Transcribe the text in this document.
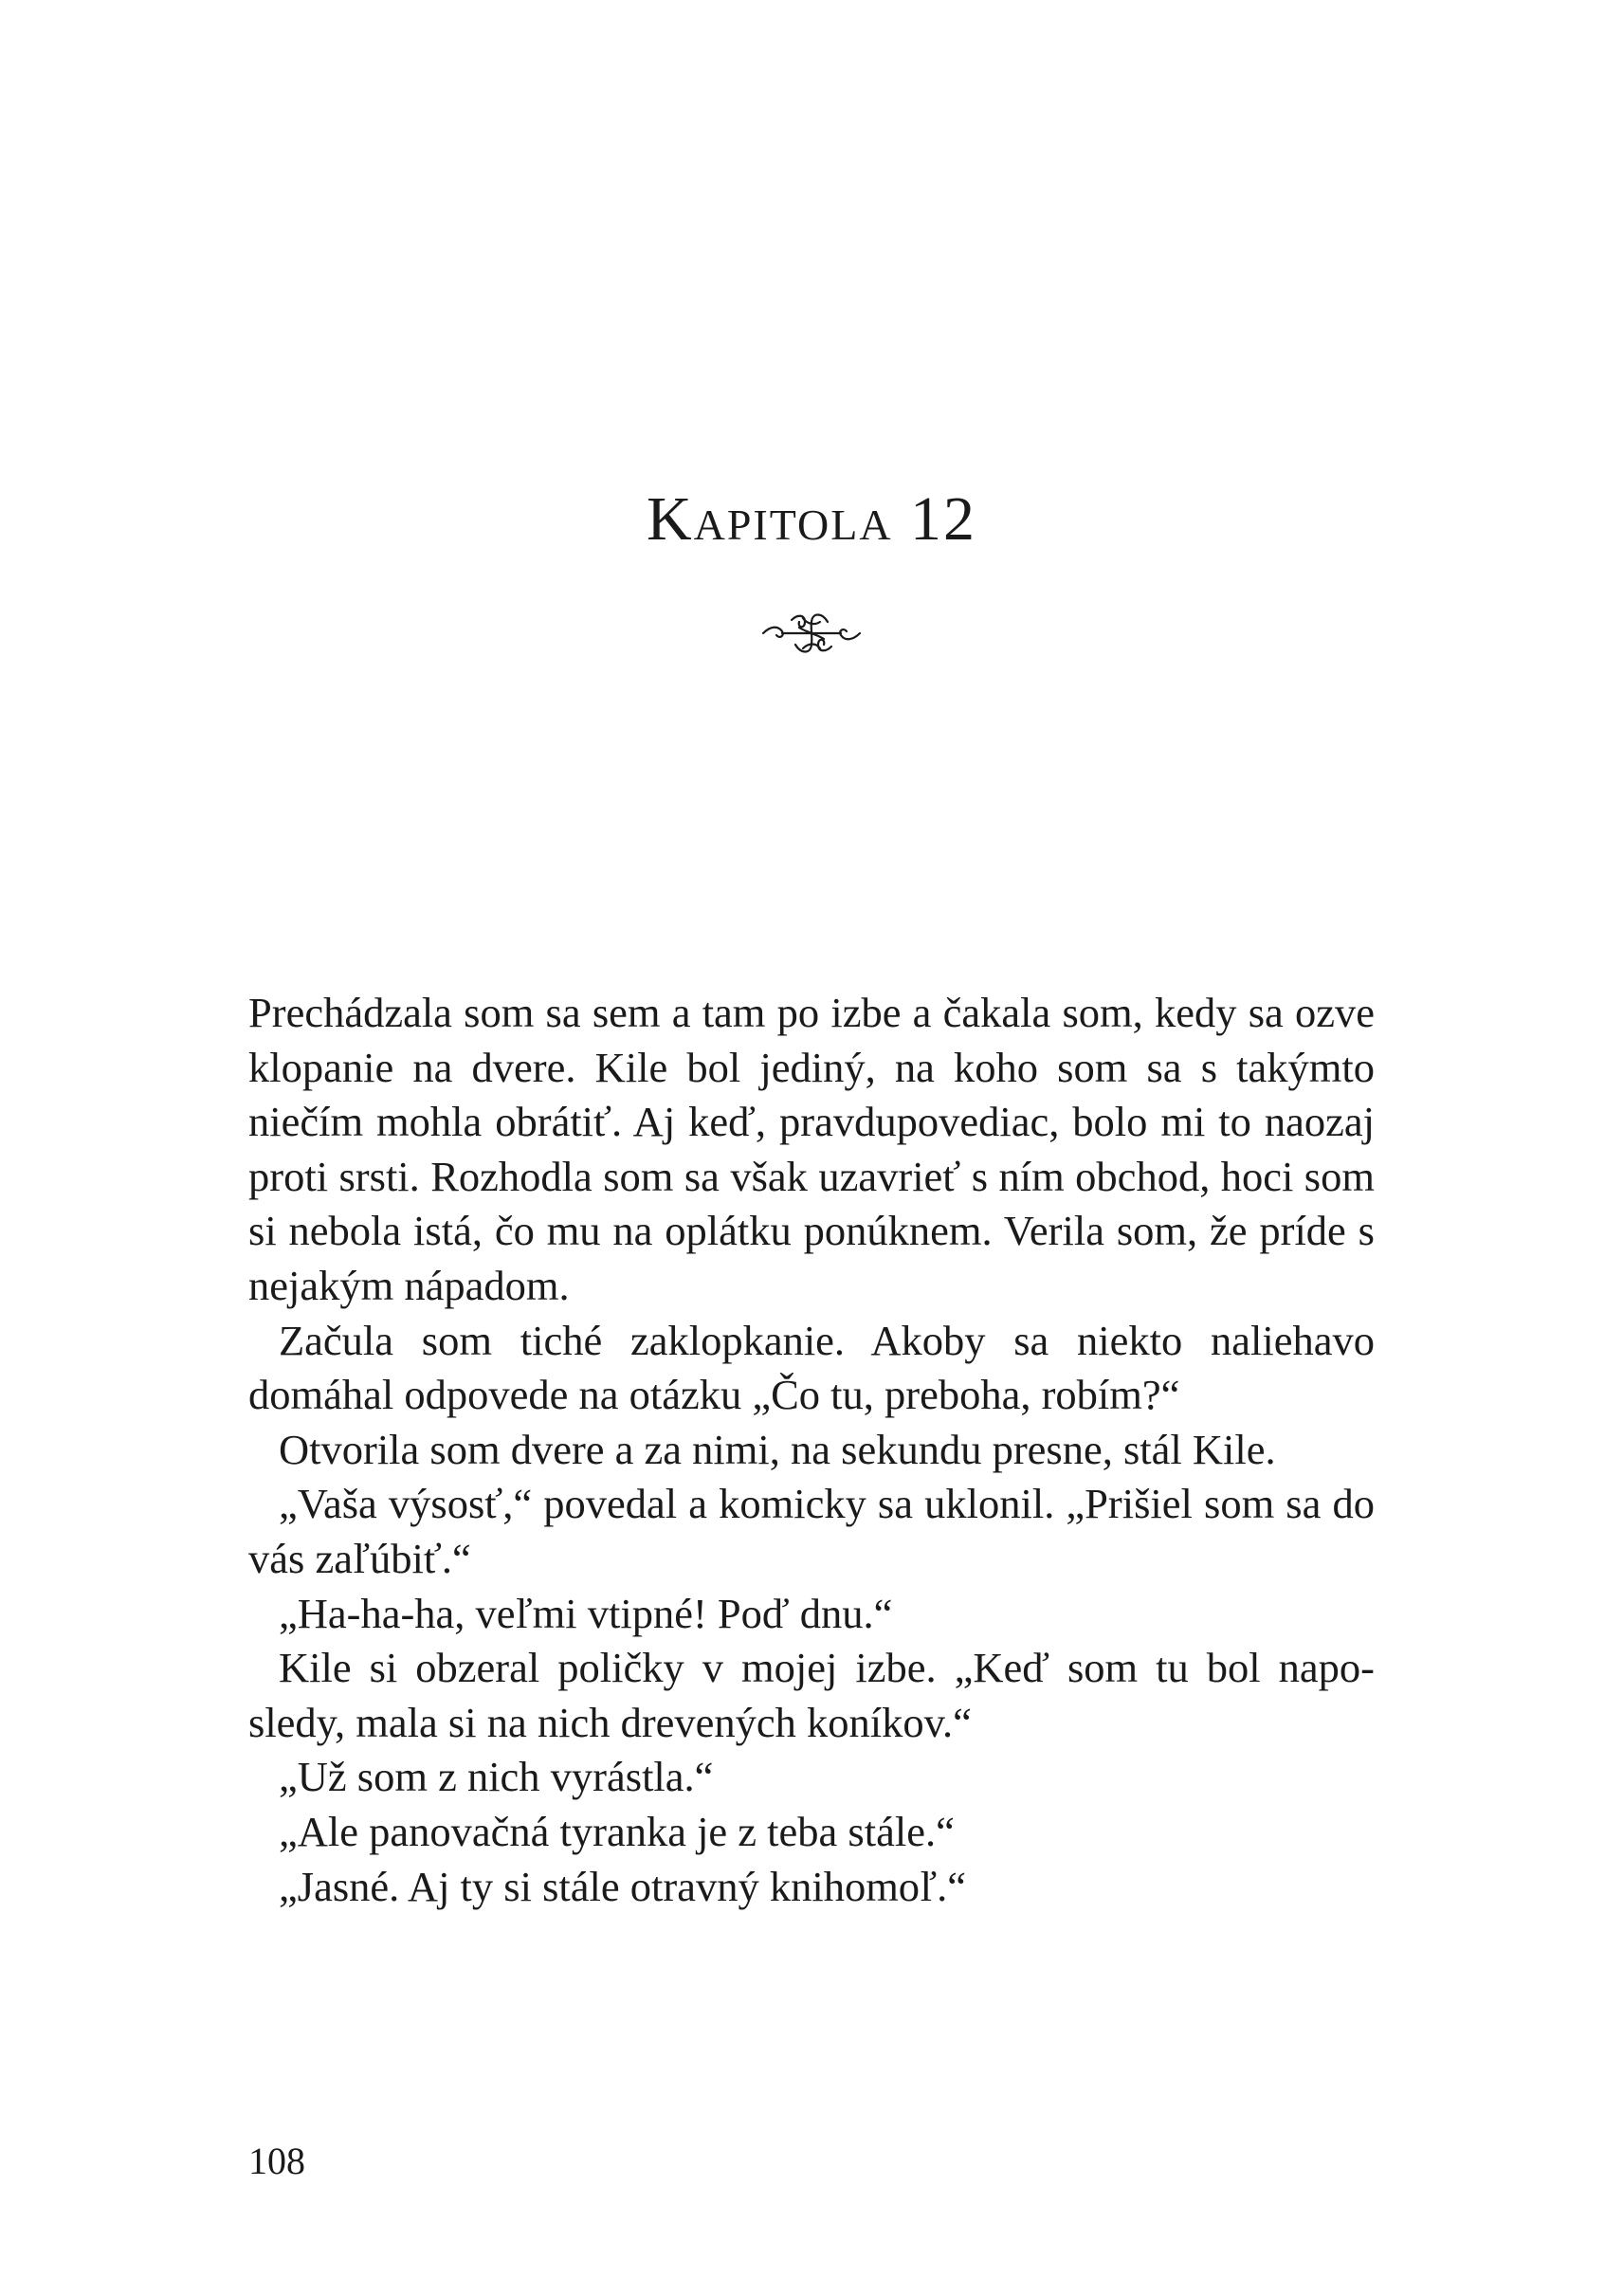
Kapitola 12

Prechádzala som sa sem a tam po izbe a čakala som, kedy sa ozve klopanie na dvere. Kile bol jediný, na koho som sa s takýmto niečím mohla obrátiť. Aj keď, pravdupovediac, bolo mi to naozaj proti srsti. Rozhodla som sa však uzavrieť s ním obchod, hoci som si nebola istá, čo mu na oplátku ponúknem. Verila som, že príde s nejakým nápadom.

Začula som tiché zaklopkanie. Akoby sa niekto naliehavo domáhal odpovede na otázku „Čo tu, preboha, robím?“

Otvorila som dvere a za nimi, na sekundu presne, stál Kile.

„Vaša výsosť,“ povedal a komicky sa uklonil. „Prišiel som sa do vás zaľúbiť.“

„Ha-ha-ha, veľmi vtipné! Poď dnu.“

Kile si obzeral poličky v mojej izbe. „Keď som tu bol naposledy, mala si na nich drevených koníkov.“

„Už som z nich vyrástla.“

„Ale panovačná tyranka je z teba stále.“

„Jasné. Aj ty si stále otravný knihomoľ.“

108
